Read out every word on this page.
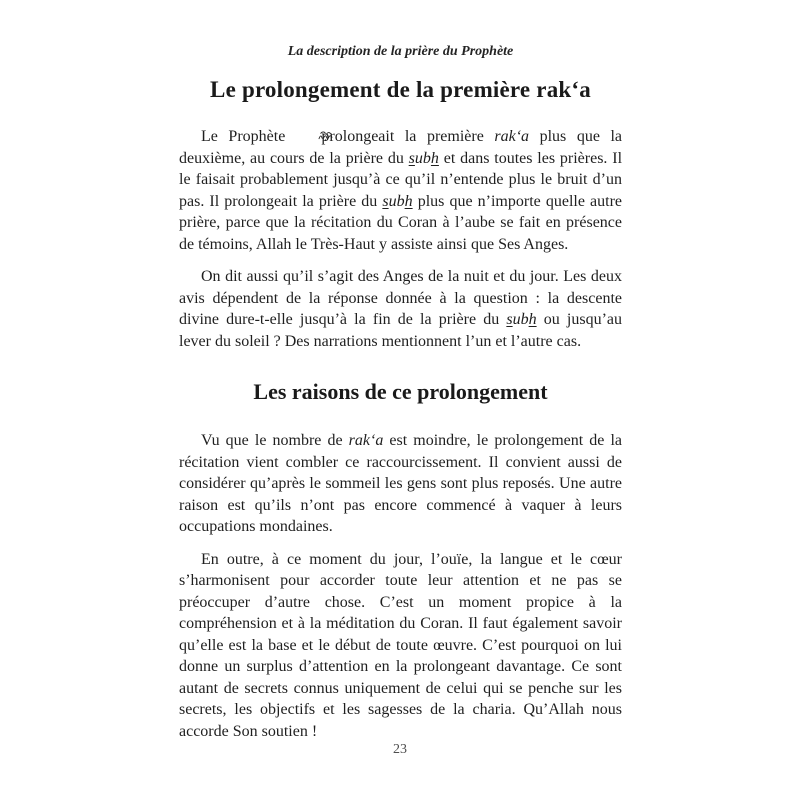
La description de la prière du Prophète
Le prolongement de la première rak‘a

Le Prophète  prolongeait la première rak‘a plus que la deuxième, au cours de la prière du subh et dans toutes les prières. Il le faisait probablement jusqu’à ce qu’il n’entende plus le bruit d’un pas. Il prolongeait la prière du subh plus que n’importe quelle autre prière, parce que la récitation du Coran à l’aube se fait en présence de témoins, Allah le Très-Haut y assiste ainsi que Ses Anges.

On dit aussi qu’il s’agit des Anges de la nuit et du jour. Les deux avis dépendent de la réponse donnée à la question : la descente divine dure-t-elle jusqu’à la fin de la prière du subh ou jusqu’au lever du soleil ? Des narrations mentionnent l’un et l’autre cas.

Les raisons de ce prolongement

Vu que le nombre de rak‘a est moindre, le prolongement de la récitation vient combler ce raccourcissement. Il convient aussi de considérer qu’après le sommeil les gens sont plus reposés. Une autre raison est qu’ils n’ont pas encore commencé à vaquer à leurs occupations mondaines.

En outre, à ce moment du jour, l’ouïe, la langue et le cœur s’harmonisent pour accorder toute leur attention et ne pas se préoccuper d’autre chose. C’est un moment propice à la compréhension et à la méditation du Coran. Il faut également savoir qu’elle est la base et le début de toute œuvre. C’est pourquoi on lui donne un surplus d’attention en la prolongeant davantage. Ce sont autant de secrets connus uniquement de celui qui se penche sur les secrets, les objectifs et les sagesses de la charia. Qu’Allah nous accorde Son soutien !

23
